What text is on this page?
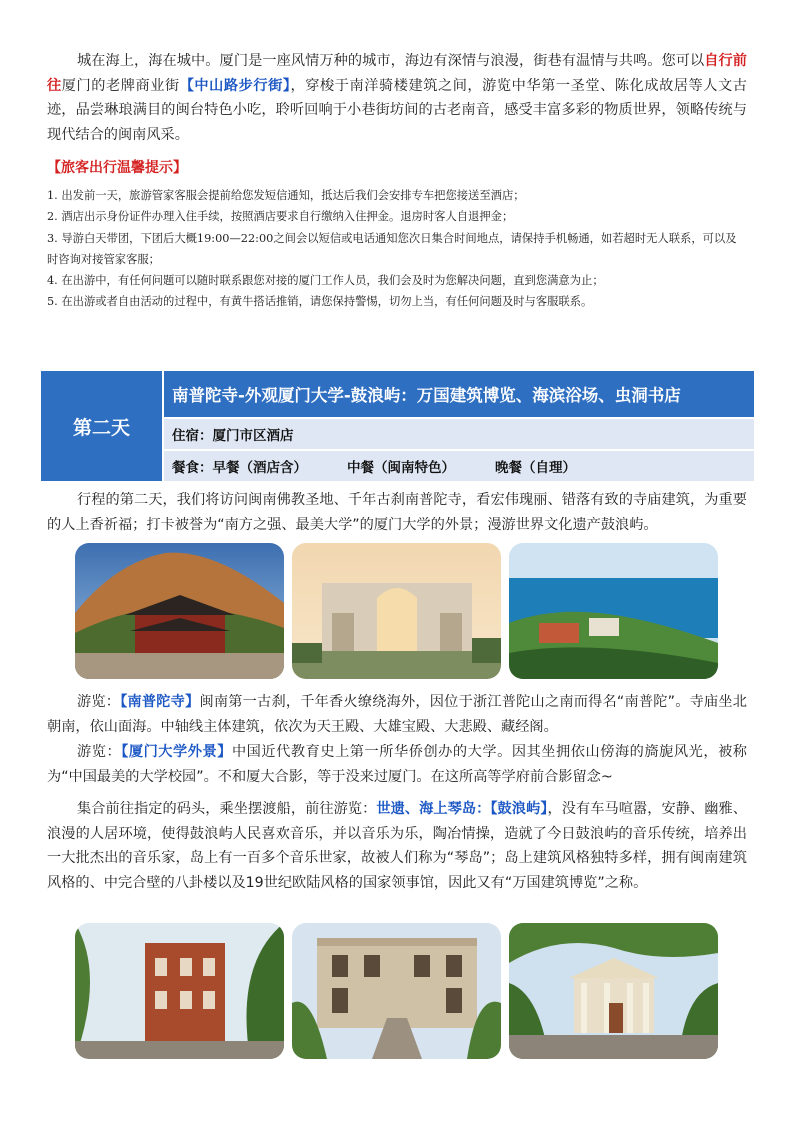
城在海上，海在城中。厦门是一座风情万种的城市，海边有深情与浪漫，街巷有温情与共鸣。您可以自行前往厦门的老牌商业街【中山路步行街】，穿梭于南洋骑楼建筑之间，游览中华第一圣堂、陈化成故居等人文古迹，品尝琳琅满目的闽台特色小吃，聆听回响于小巷街坊间的古老南音，感受丰富多彩的物质世界，领略传统与现代结合的闽南风采。

【旅客出行温馨提示】

1. 出发前一天，旅游管家客服会提前给您发短信通知，抵达后我们会安排专车把您接送至酒店；
2. 酒店出示身份证件办理入住手续，按照酒店要求自行缴纳入住押金。退房时客人自退押金；
3. 导游白天带团，下团后大概19:00—22:00之间会以短信或电话通知您次日集合时间地点，请保持手机畅通，如若超时无人联系，可以及时咨询对接管家客服；
4. 在出游中，有任何问题可以随时联系跟您对接的厦门工作人员，我们会及时为您解决问题，直到您满意为止；
5. 在出游或者自由活动的过程中，有黄牛搭话推销，请您保持警惕，切勿上当，有任何问题及时与客服联系。
第二天
南普陀寺-外观厦门大学-鼓浪屿：万国建筑博览、海滨浴场、虫洞书店
住宿：厦门市区酒店
餐食：早餐（酒店含）	中餐（闽南特色）	晚餐（自理）

行程的第二天，我们将访问闽南佛教圣地、千年古刹南普陀寺，看宏伟瑰丽、错落有致的寺庙建筑，为重要的人上香祈福；打卡被誉为“南方之强、最美大学”的厦门大学的外景；漫游世界文化遗产鼓浪屿。

游览：【南普陀寺】闽南第一古刹，千年香火缭绕海外，因位于浙江普陀山之南而得名“南普陀”。寺庙坐北朝南，依山面海。中轴线主体建筑，依次为天王殿、大雄宝殿、大悲殿、藏经阁。

游览：【厦门大学外景】中国近代教育史上第一所华侨创办的大学。因其坐拥依山傍海的旖旎风光，被称为“中国最美的大学校园”。不和厦大合影，等于没来过厦门。在这所高等学府前合影留念~

集合前往指定的码头，乘坐摆渡船，前往游览：世遗、海上琴岛：【鼓浪屿】，没有车马喧嚣，安静、幽雅、浪漫的人居环境，使得鼓浪屿人民喜欢音乐，并以音乐为乐，陶冶情操，造就了今日鼓浪屿的音乐传统，培养出一大批杰出的音乐家，岛上有一百多个音乐世家，故被人们称为“琴岛”；岛上建筑风格独特多样，拥有闽南建筑风格的、中完合壁的八卦楼以及19世纪欧陆风格的国家领事馆，因此又有“万国建筑博览”之称。
